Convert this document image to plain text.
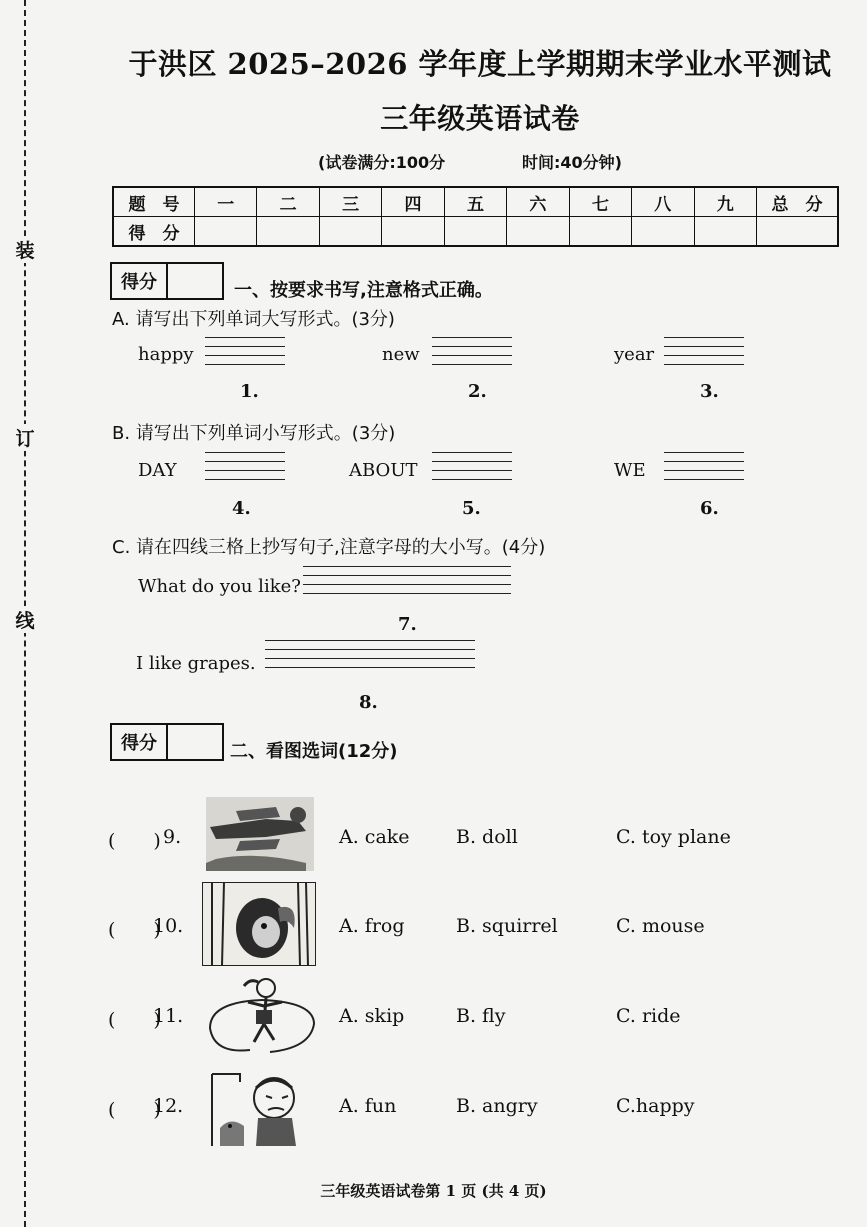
装
订
线
于洪区 2025–2026 学年度上学期期末学业水平测试
三年级英语试卷
(试卷满分:100分	时间:40分钟)
题　号	一	二	三	四	五	六	七	八	九	总　分
得　分										
得分	一、按要求书写,注意格式正确。
A. 请写出下列单词大写形式。(3分)
happy
1.
new
2.
year
3.
B. 请写出下列单词小写形式。(3分)
DAY
4.
ABOUT
5.
WE
6.
C. 请在四线三格上抄写句子,注意字母的大小写。(4分)
What do you like?
7.
I like grapes.
8.
得分	二、看图选词(12分)
(　　) 9.	A. cake B. doll	C. toy plane
(　　)
10.	A. frog	B. squirrel	C. mouse
(　　)
11.	A. skip	B. fly	C. ride
(　　)
12.	A. fun	B. angry	C.happy
三年级英语试卷第 1 页 (共 4 页)
